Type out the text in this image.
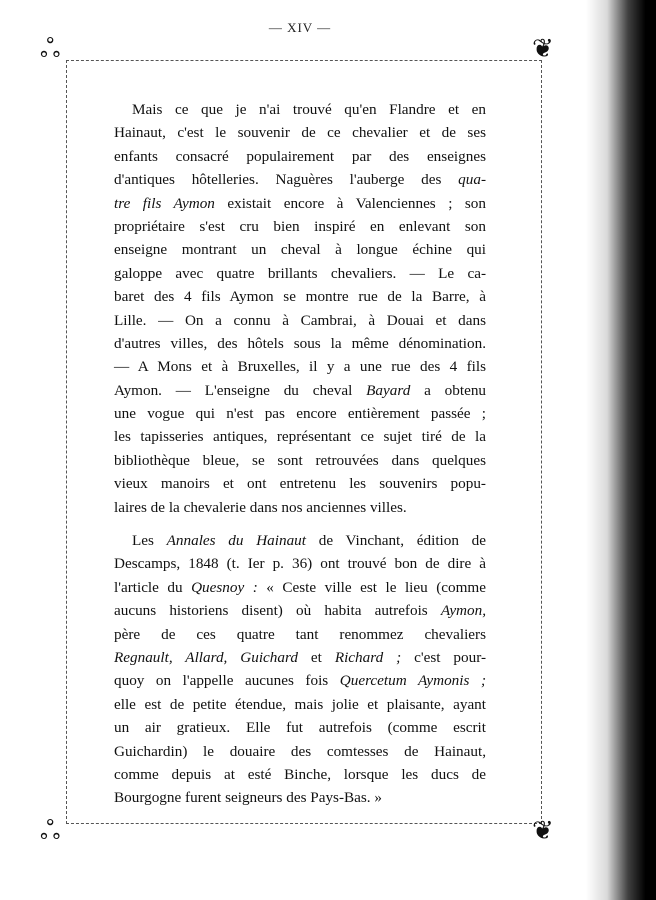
— XIV —
ஃ	❦
ஃ	❦
Mais ce que je n'ai trouvé qu'en Flandre et en
Hainaut, c'est le souvenir de ce chevalier et de ses
enfants consacré populairement par des enseignes
d'antiques hôtelleries. Naguères l'auberge des qua-
tre fils Aymon existait encore à Valenciennes ; son
propriétaire s'est cru bien inspiré en enlevant son
enseigne montrant un cheval à longue échine qui
galoppe avec quatre brillants chevaliers. — Le ca-
baret des 4 fils Aymon se montre rue de la Barre, à
Lille. — On a connu à Cambrai, à Douai et dans
d'autres villes, des hôtels sous la même dénomination.
— A Mons et à Bruxelles, il y a une rue des 4 fils
Aymon. — L'enseigne du cheval Bayard a obtenu
une vogue qui n'est pas encore entièrement passée ;
les tapisseries antiques, représentant ce sujet tiré de la
bibliothèque bleue, se sont retrouvées dans quelques
vieux manoirs et ont entretenu les souvenirs popu-
laires de la chevalerie dans nos anciennes villes.
Les Annales du Hainaut de Vinchant, édition de
Descamps, 1848 (t. Ier p. 36) ont trouvé bon de dire à
l'article du Quesnoy : « Ceste ville est le lieu (comme
aucuns historiens disent) où habita autrefois Aymon,
père de ces quatre tant renommez chevaliers
Regnault, Allard, Guichard et Richard ; c'est pour-
quoy on l'appelle aucunes fois Quercetum Aymonis ;
elle est de petite étendue, mais jolie et plaisante, ayant
un air gratieux. Elle fut autrefois (comme escrit
Guichardin) le douaire des comtesses de Hainaut,
comme depuis at esté Binche, lorsque les ducs de
Bourgogne furent seigneurs des Pays-Bas. »
